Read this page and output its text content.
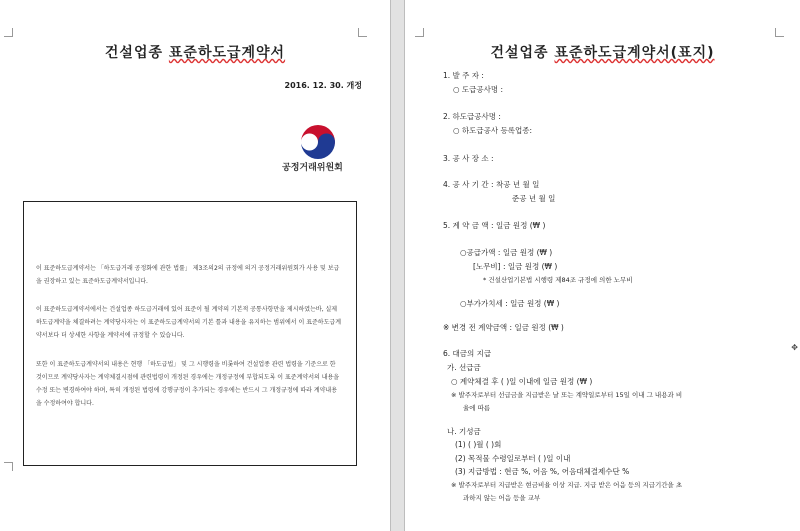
건설업종 표준하도급계약서
2016. 12. 30. 개정
공정거래위원회
이 표준하도급계약서는 「하도급거래 공정화에 관한 법률」 제3조의2의 규정에 의거 공정거래위원회가 사용 및 보급을 권장하고 있는 표준하도급계약서입니다.
이 표준하도급계약서에서는 건설업종 하도급거래에 있어 표준이 될 계약의 기본적 공통사항만을 제시하였는바, 실제 하도급계약을 체결하려는 계약당사자는 이 표준하도급계약서의 기본 틀과 내용을 유지하는 범위에서 이 표준하도급계약서보다 더 상세한 사항을 계약서에 규정할 수 있습니다.
또한 이 표준하도급계약서의 내용은 현행 「하도급법」 및 그 시행령을 비롯하여 건설업종 관련 법령을 기준으로 한 것이므로 계약당사자는 계약체결시점에 관련법령이 개정된 경우에는 개정규정에 부합되도록 이 표준계약서의 내용을 수정 또는 변경하여야 하며, 특히 개정된 법령에 강행규정이 추가되는 경우에는 반드시 그 개정규정에 따라 계약내용을 수정하여야 합니다.
건설업종 표준하도급계약서(표지)
1. 발 주 자 :
○ 도급공사명 :
2. 하도급공사명 :
○ 하도급공사 등록업종:
3. 공 사 장 소 :
4. 공 사 기 간 : 착공 년 월 일
준공 년 월 일
5. 계 약 금 액 : 일금 원정 (₩ )
○공급가액 : 일금 원정 (₩ )
[노무비] : 일금 원정 (₩ )
* 건설산업기본법 시행령 제84조 규정에 의한 노무비
○부가가치세 : 일금 원정 (₩ )
※ 변경 전 계약금액 : 일금 원정 (₩ )
6. 대금의 지급
가. 선급금
○ 계약체결 후 ( )일 이내에 일금 원정 (₩ )
※ 발주자로부터 선급금을 지급받은 날 또는 계약일로부터 15일 이내 그 내용과 비
율에 따름
나. 기성금
(1) ( )월 ( )회
(2) 목적물 수령일로부터 ( )일 이내
(3) 지급방법 : 현금 %, 어음 %, 어음대체결제수단 %
※ 발주자로부터 지급받은 현금비율 이상 지급. 지급 받은 어음 등의 지급기간을 초
과하지 않는 어음 등을 교부
✥
